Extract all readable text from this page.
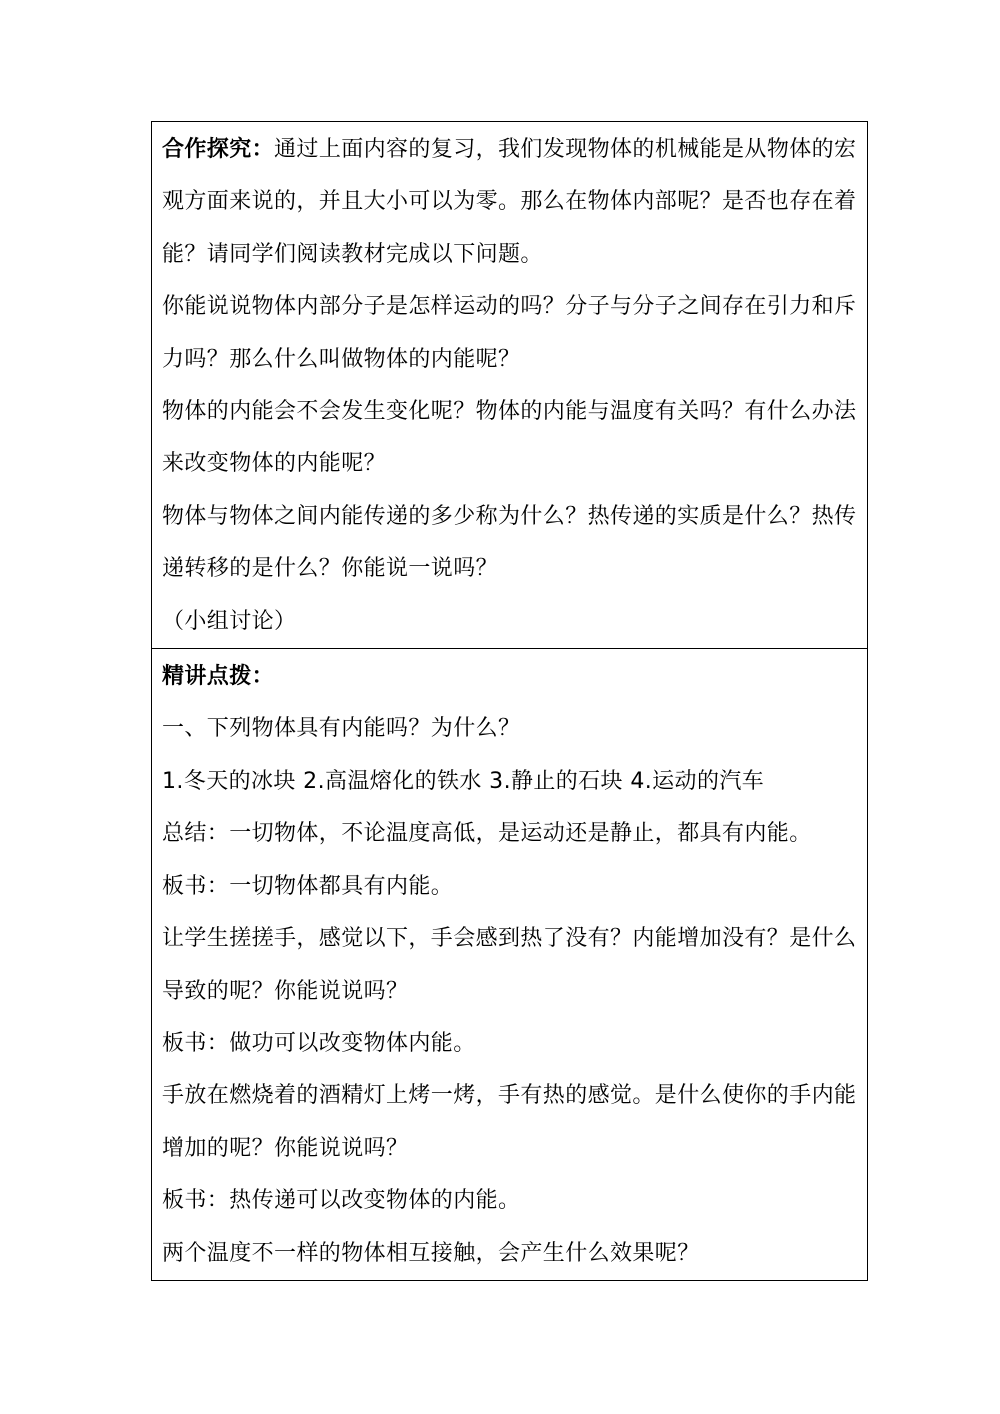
合作探究：通过上面内容的复习，我们发现物体的机械能是从物体的宏观方面来说的，并且大小可以为零。那么在物体内部呢？是否也存在着能？请同学们阅读教材完成以下问题。

你能说说物体内部分子是怎样运动的吗？分子与分子之间存在引力和斥力吗？那么什么叫做物体的内能呢？

物体的内能会不会发生变化呢？物体的内能与温度有关吗？有什么办法来改变物体的内能呢？

物体与物体之间内能传递的多少称为什么？热传递的实质是什么？热传递转移的是什么？你能说一说吗？

（小组讨论）

精讲点拨：

一、下列物体具有内能吗？为什么？

1.冬天的冰块 2.高温熔化的铁水 3.静止的石块 4.运动的汽车

总结：一切物体，不论温度高低，是运动还是静止，都具有内能。

板书：一切物体都具有内能。

让学生搓搓手，感觉以下，手会感到热了没有？内能增加没有？是什么导致的呢？你能说说吗？

板书：做功可以改变物体内能。

手放在燃烧着的酒精灯上烤一烤，手有热的感觉。是什么使你的手内能增加的呢？你能说说吗？

板书：热传递可以改变物体的内能。

两个温度不一样的物体相互接触，会产生什么效果呢？
